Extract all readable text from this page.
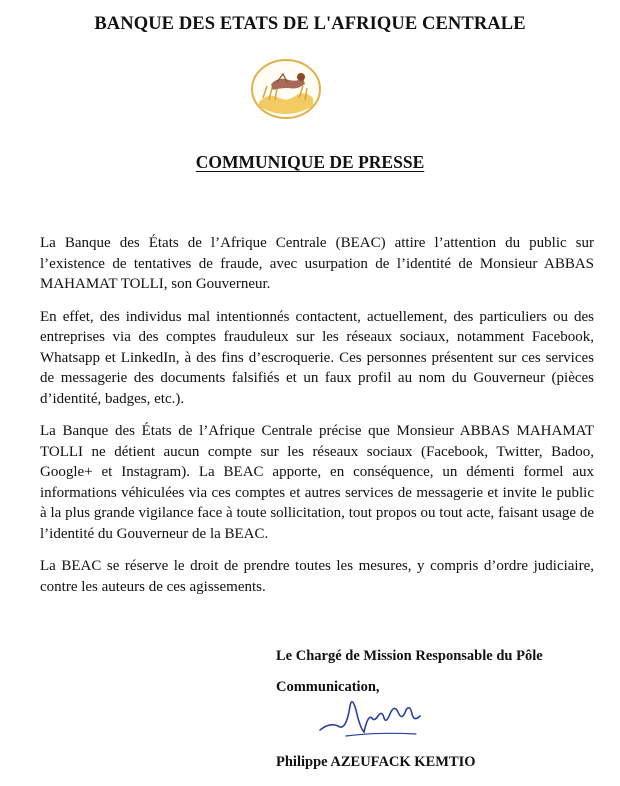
BANQUE DES ETATS DE L'AFRIQUE CENTRALE
COMMUNIQUE DE PRESSE

La Banque des États de l’Afrique Centrale (BEAC) attire l’attention du public sur l’existence de tentatives de fraude, avec usurpation de l’identité de Monsieur ABBAS MAHAMAT TOLLI, son Gouverneur.

En effet, des individus mal intentionnés contactent, actuellement, des particuliers ou des entreprises via des comptes frauduleux sur les réseaux sociaux, notamment Facebook, Whatsapp et LinkedIn, à des fins d’escroquerie. Ces personnes présentent sur ces services de messagerie des documents falsifiés et un faux profil au nom du Gouverneur (pièces d’identité, badges, etc.).

La Banque des États de l’Afrique Centrale précise que Monsieur ABBAS MAHAMAT TOLLI ne détient aucun compte sur les réseaux sociaux (Facebook, Twitter, Badoo, Google+ et Instagram). La BEAC apporte, en conséquence, un démenti formel aux informations véhiculées via ces comptes et autres services de messagerie et invite le public à la plus grande vigilance face à toute sollicitation, tout propos ou tout acte, faisant usage de l’identité du Gouverneur de la BEAC.

La BEAC se réserve le droit de prendre toutes les mesures, y compris d’ordre judiciaire, contre les auteurs de ces agissements.

Le Chargé de Mission Responsable du Pôle
Communication,
Philippe AZEUFACK KEMTIO
